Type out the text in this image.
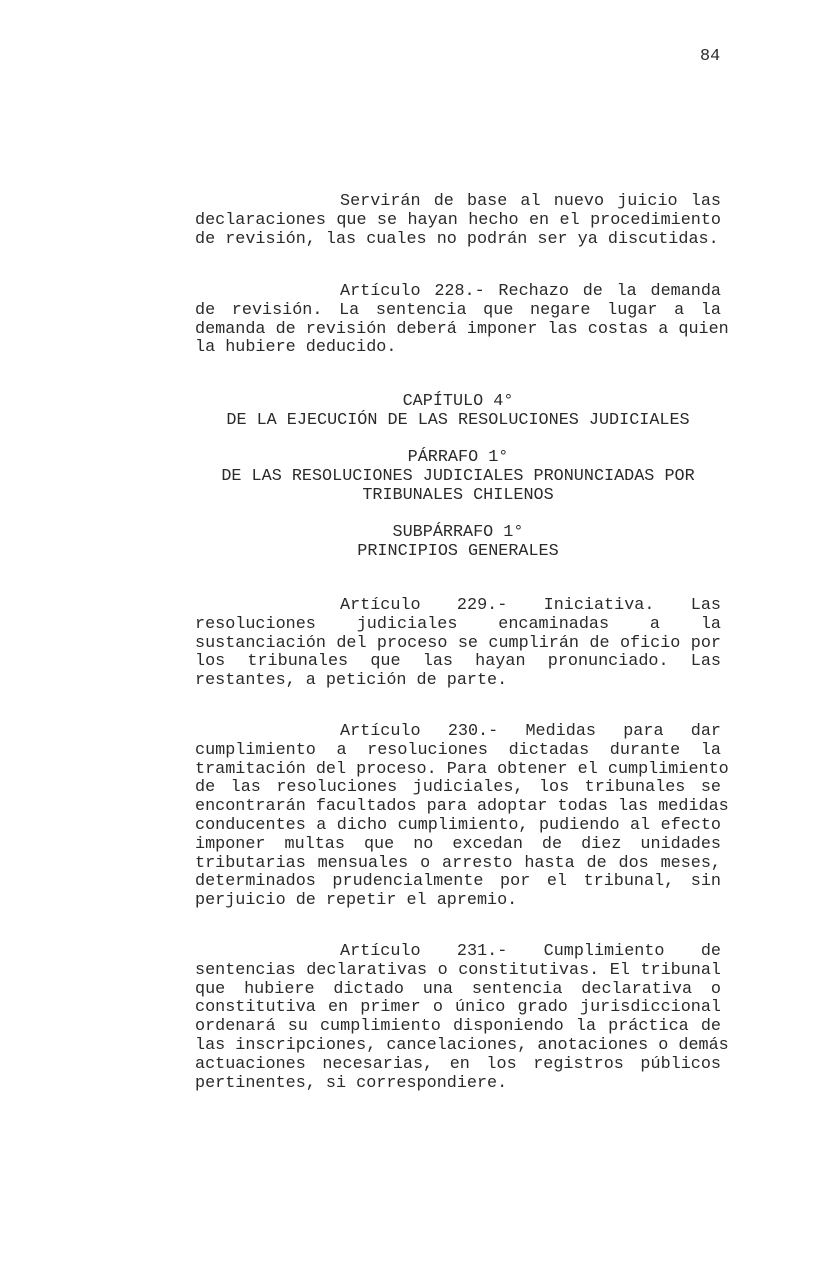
84
Servirán de base al nuevo juicio las
declaraciones que se hayan hecho en el procedimiento
de revisión, las cuales no podrán ser ya discutidas.
Artículo 228.- Rechazo de la demanda
de revisión. La sentencia que negare lugar a la
demanda de revisión deberá imponer las costas a quien
la hubiere deducido.
CAPÍTULO 4°
DE LA EJECUCIÓN DE LAS RESOLUCIONES JUDICIALES
PÁRRAFO 1°
DE LAS RESOLUCIONES JUDICIALES PRONUNCIADAS POR
TRIBUNALES CHILENOS
SUBPÁRRAFO 1°
PRINCIPIOS GENERALES
Artículo 229.- Iniciativa. Las
resoluciones judiciales encaminadas a la
sustanciación del proceso se cumplirán de oficio por
los tribunales que las hayan pronunciado. Las
restantes, a petición de parte.
Artículo 230.- Medidas para dar
cumplimiento a resoluciones dictadas durante la
tramitación del proceso. Para obtener el cumplimiento
de las resoluciones judiciales, los tribunales se
encontrarán facultados para adoptar todas las medidas
conducentes a dicho cumplimiento, pudiendo al efecto
imponer multas que no excedan de diez unidades
tributarias mensuales o arresto hasta de dos meses,
determinados prudencialmente por el tribunal, sin
perjuicio de repetir el apremio.
Artículo 231.- Cumplimiento de
sentencias declarativas o constitutivas. El tribunal
que hubiere dictado una sentencia declarativa o
constitutiva en primer o único grado jurisdiccional
ordenará su cumplimiento disponiendo la práctica de
las inscripciones, cancelaciones, anotaciones o demás
actuaciones necesarias, en los registros públicos
pertinentes, si correspondiere.
